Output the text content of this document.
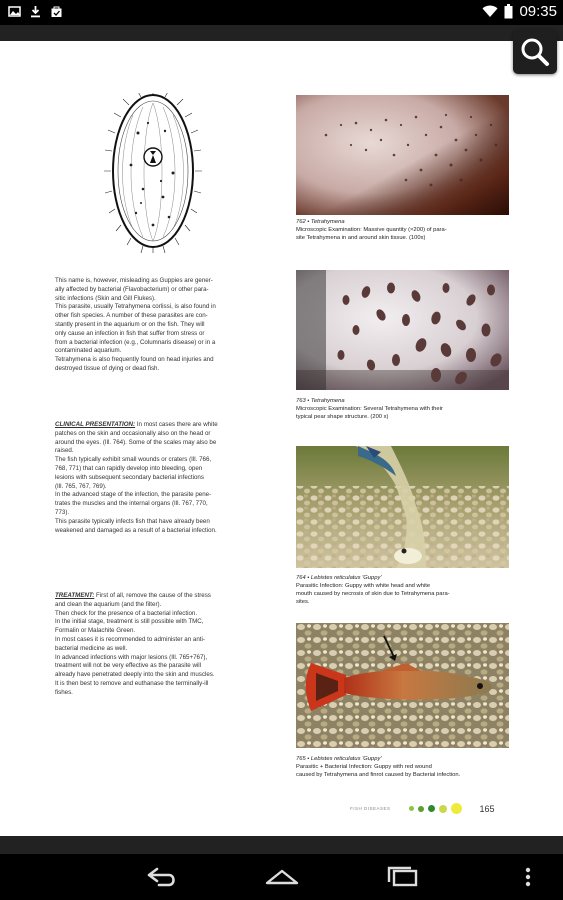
09:35

This name is, however, misleading as Guppies are gener-

ally affected by bacterial (Flavobacterium) or other para-

sitic infections (Skin and Gill Flukes).

This parasite, usually Tetrahymena corlissi, is also found in

other fish species. A number of these parasites are con-

stantly present in the aquarium or on the fish. They will

only cause an infection in fish that suffer from stress or

from a bacterial infection (e.g., Columnaris disease) or in a

contaminated aquarium.

Tetrahymena is also frequently found on head injuries and

destroyed tissue of dying or dead fish.

CLINICAL PRESENTATION: In most cases there are white

patches on the skin and occasionally also on the head or

around the eyes. (Ill. 764). Some of the scales may also be

raised.

The fish typically exhibit small wounds or craters (Ill. 766,

768, 771) that can rapidly develop into bleeding, open

lesions with subsequent secondary bacterial infections

(Ill. 765, 767, 769).

In the advanced stage of the infection, the parasite pene-

trates the muscles and the internal organs (Ill. 767, 770,

773).

This parasite typically infects fish that have already been

weakened and damaged as a result of a bacterial infection.

TREATMENT: First of all, remove the cause of the stress

and clean the aquarium (and the filter).

Then check for the presence of a bacterial infection.

In the initial stage, treatment is still possible with TMC,

Formalin or Malachite Green.

In most cases it is recommended to administer an anti-

bacterial medicine as well.

In advanced infections with major lesions (Ill. 765+767),

treatment will not be very effective as the parasite will

already have penetrated deeply into the skin and muscles.

It is then best to remove and euthanase the terminally-ill

fishes.

762 • Tetrahymena
Microscopic Examination: Massive quantity (×200) of para-
site Tetrahymena in and around skin tissue. (100x)
763 • Tetrahymena
Microscopic Examination: Several Tetrahymena with their
typical pear shape structure. (200 x)
764 • Lebistes reticulatus 'Guppy'
Parasitic Infection: Guppy with white head and white
mouth caused by necrosis of skin due to Tetrahymena para-
sites.
765 • Lebistes reticulatus 'Guppy'
Parasitic + Bacterial Infection: Guppy with red wound
caused by Tetrahymena and finrot caused by Bacterial infection.
FISH DISEASES	165
